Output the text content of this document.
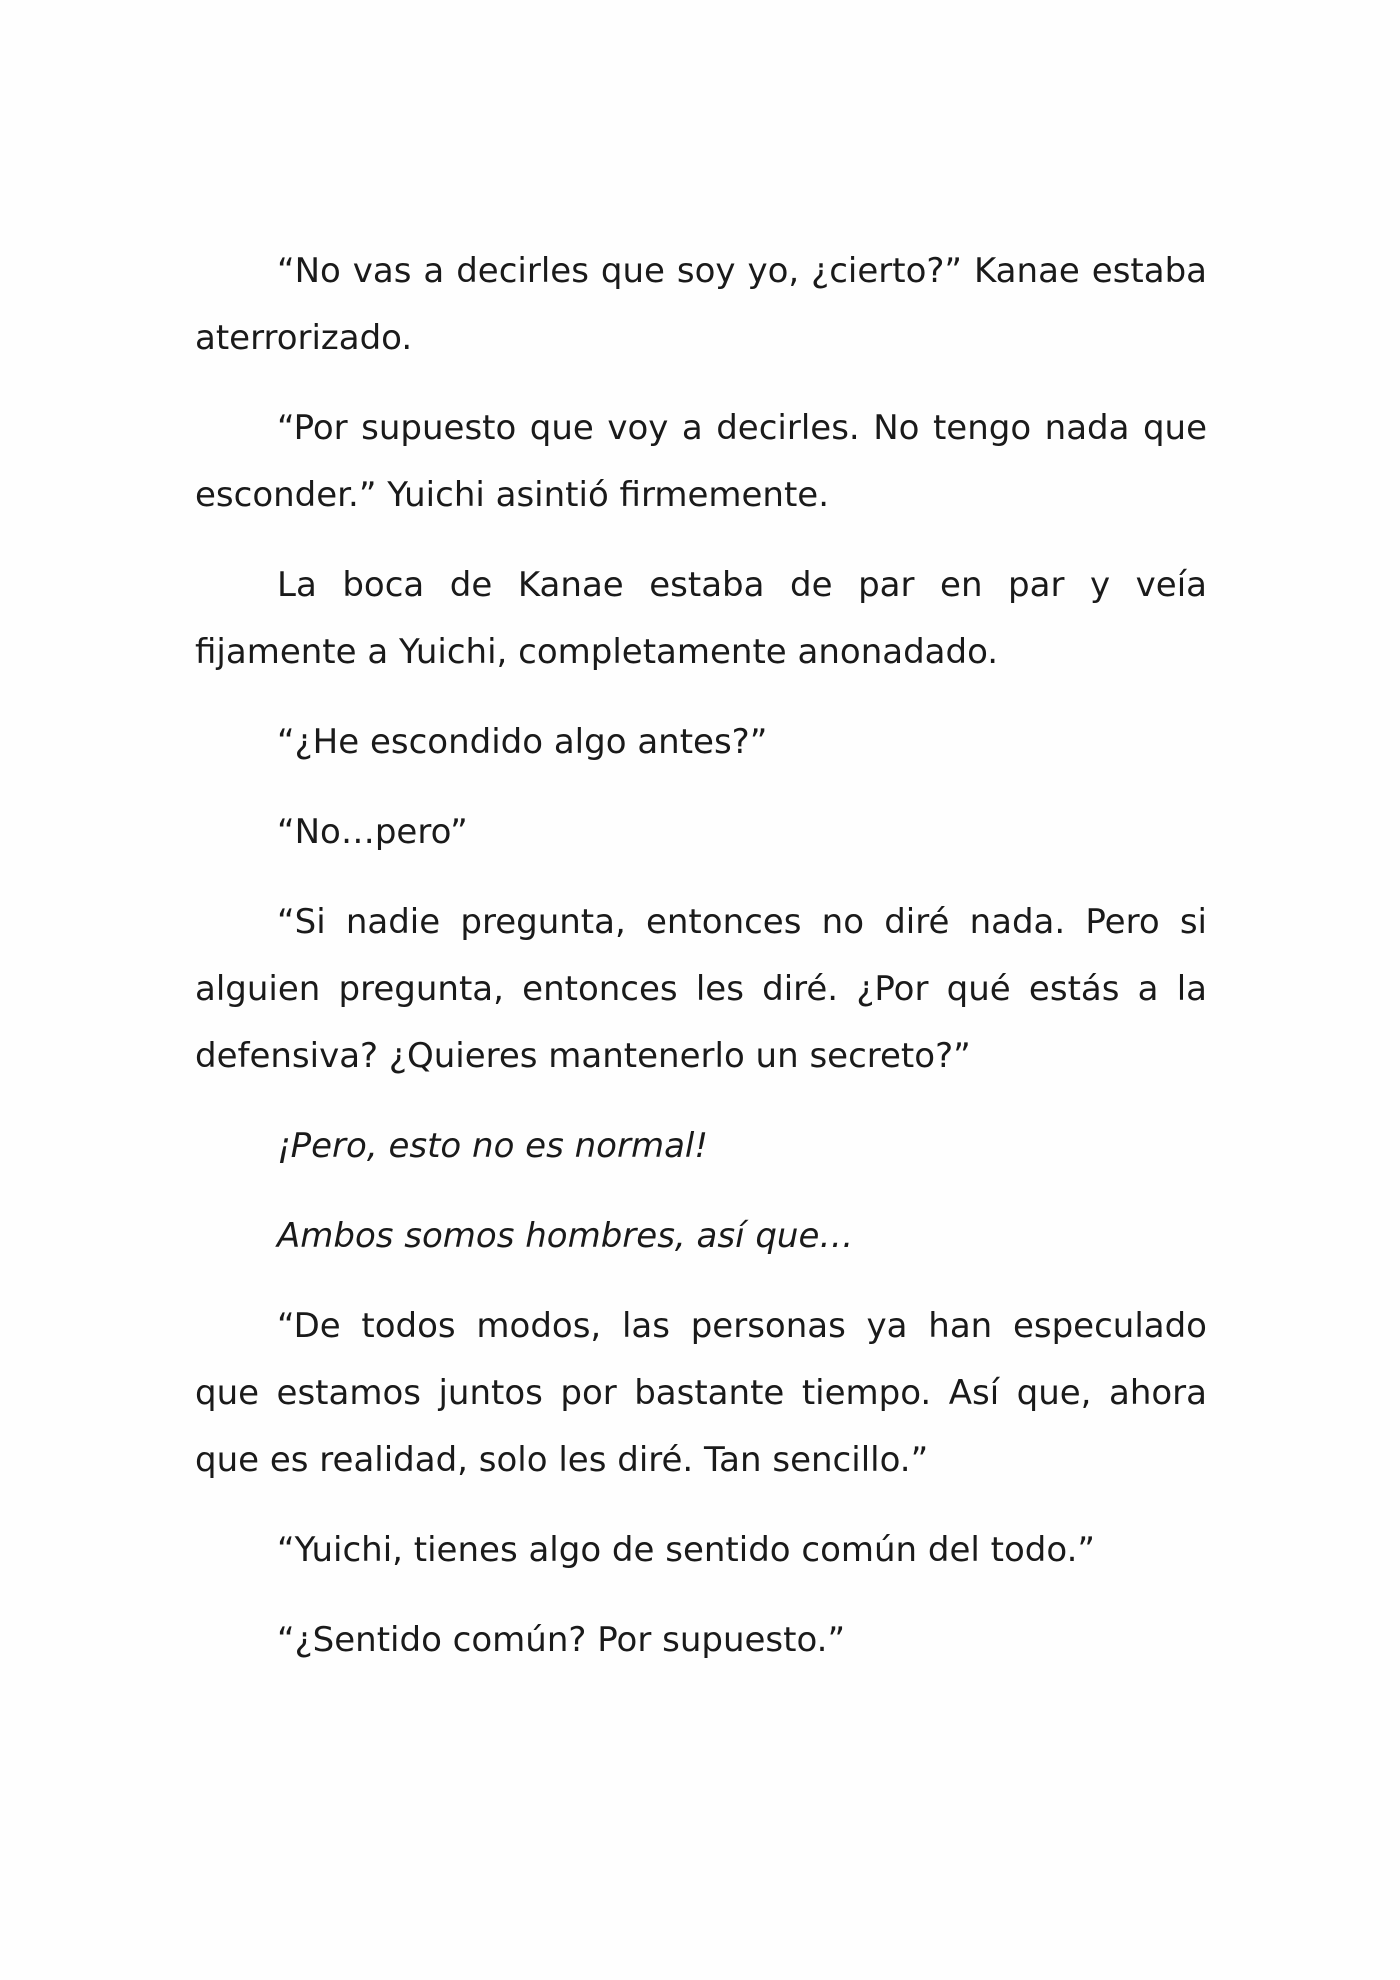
“No vas a decirles que soy yo, ¿cierto?” Kanae estaba aterrorizado.

“Por supuesto que voy a decirles. No tengo nada que esconder.” Yuichi asintió firmemente.

La boca de Kanae estaba de par en par y veía fijamente a Yuichi, completamente anonadado.

“¿He escondido algo antes?”

“No…pero”

“Si nadie pregunta, entonces no diré nada. Pero si alguien pregunta, entonces les diré. ¿Por qué estás a la defensiva? ¿Quieres mantenerlo un secreto?”

¡Pero, esto no es normal!

Ambos somos hombres, así que…

“De todos modos, las personas ya han especulado que estamos juntos por bastante tiempo. Así que, ahora que es realidad, solo les diré. Tan sencillo.”

“Yuichi, tienes algo de sentido común del todo.”

“¿Sentido común? Por supuesto.”
